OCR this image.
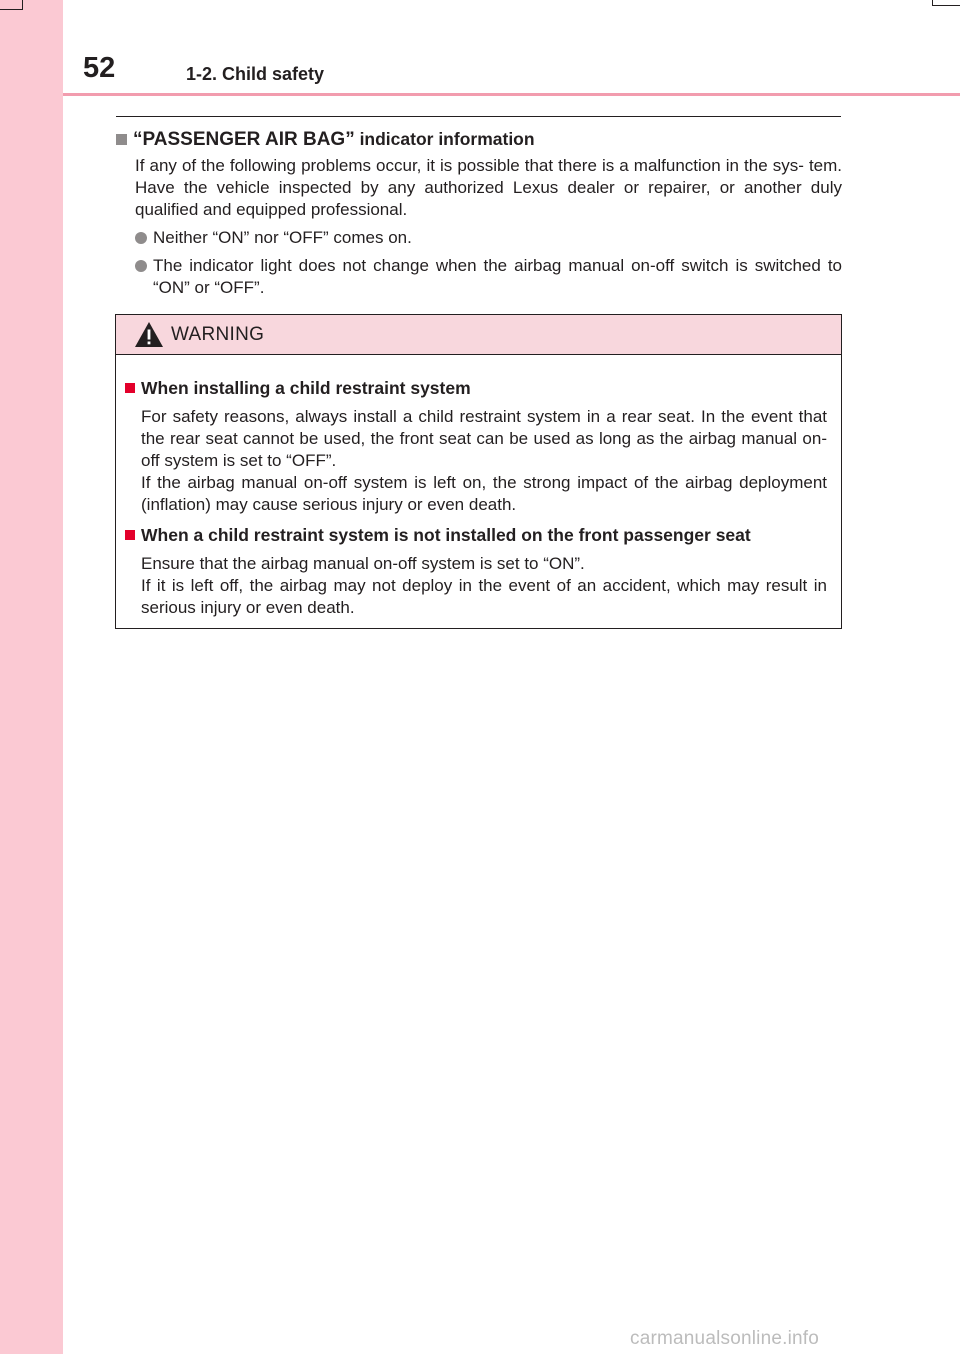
52	1-2. Child safety
“PASSENGER AIR BAG” indicator information
If any of the following problems occur, it is possible that there is a malfunction in the sys- tem. Have the vehicle inspected by any authorized Lexus dealer or repairer, or another duly qualified and equipped professional.
Neither “ON” nor “OFF” comes on.
The indicator light does not change when the airbag manual on-off switch is switched to “ON” or “OFF”.
WARNING
When installing a child restraint system
For safety reasons, always install a child restraint system in a rear seat. In the event that the rear seat cannot be used, the front seat can be used as long as the airbag manual on-off system is set to “OFF”.
If the airbag manual on-off system is left on, the strong impact of the airbag deployment (inflation) may cause serious injury or even death.
When a child restraint system is not installed on the front passenger seat
Ensure that the airbag manual on-off system is set to “ON”.
If it is left off, the airbag may not deploy in the event of an accident, which may result in serious injury or even death.
carmanualsonline.info
